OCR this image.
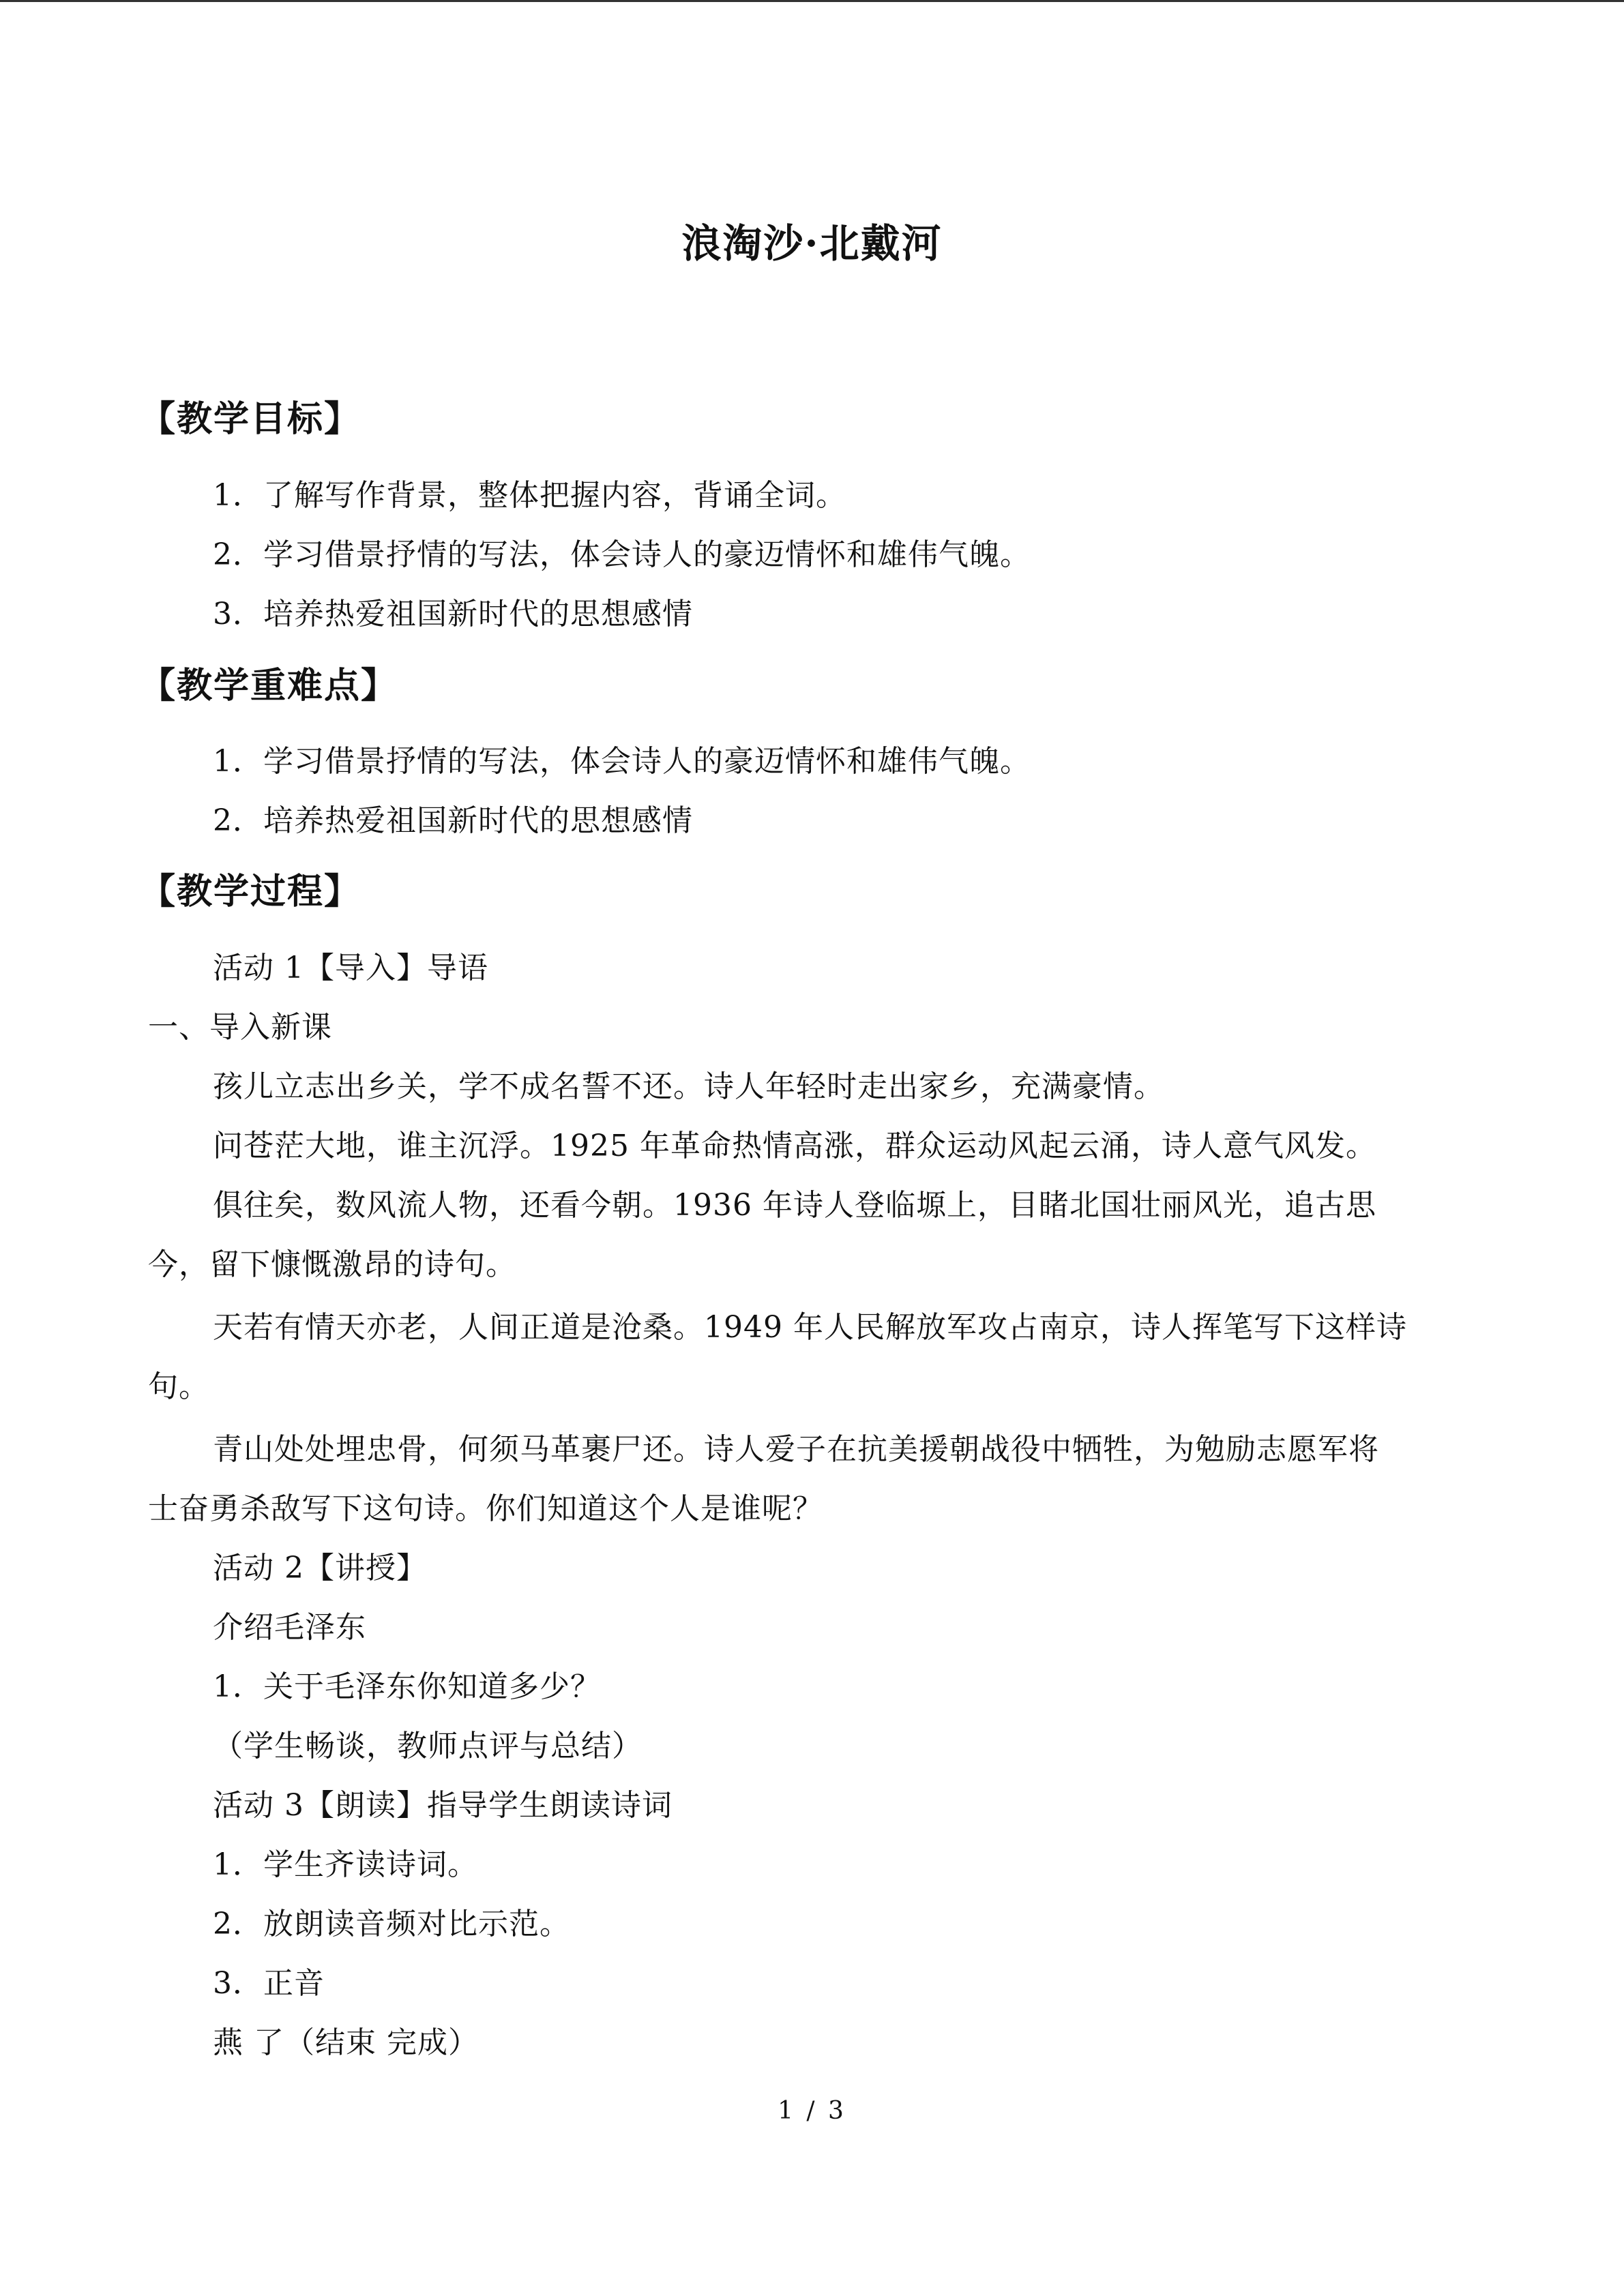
浪淘沙·北戴河
【教学目标】
1．了解写作背景，整体把握内容，背诵全词。
2．学习借景抒情的写法，体会诗人的豪迈情怀和雄伟气魄。
3．培养热爱祖国新时代的思想感情
【教学重难点】
1．学习借景抒情的写法，体会诗人的豪迈情怀和雄伟气魄。
2．培养热爱祖国新时代的思想感情
【教学过程】
活动 1【导入】导语
一、导入新课
孩儿立志出乡关，学不成名誓不还。诗人年轻时走出家乡，充满豪情。
问苍茫大地，谁主沉浮。1925 年革命热情高涨，群众运动风起云涌，诗人意气风发。
俱往矣，数风流人物，还看今朝。1936 年诗人登临塬上，目睹北国壮丽风光，追古思
今，留下慷慨激昂的诗句。
天若有情天亦老，人间正道是沧桑。1949 年人民解放军攻占南京，诗人挥笔写下这样诗
句。
青山处处埋忠骨，何须马革裹尸还。诗人爱子在抗美援朝战役中牺牲，为勉励志愿军将
士奋勇杀敌写下这句诗。你们知道这个人是谁呢？
活动 2【讲授】
介绍毛泽东
1．关于毛泽东你知道多少？
（学生畅谈，教师点评与总结）
活动 3【朗读】指导学生朗读诗词
1．学生齐读诗词。
2．放朗读音频对比示范。
3．正音
燕 了（结束 完成）
1 / 3
